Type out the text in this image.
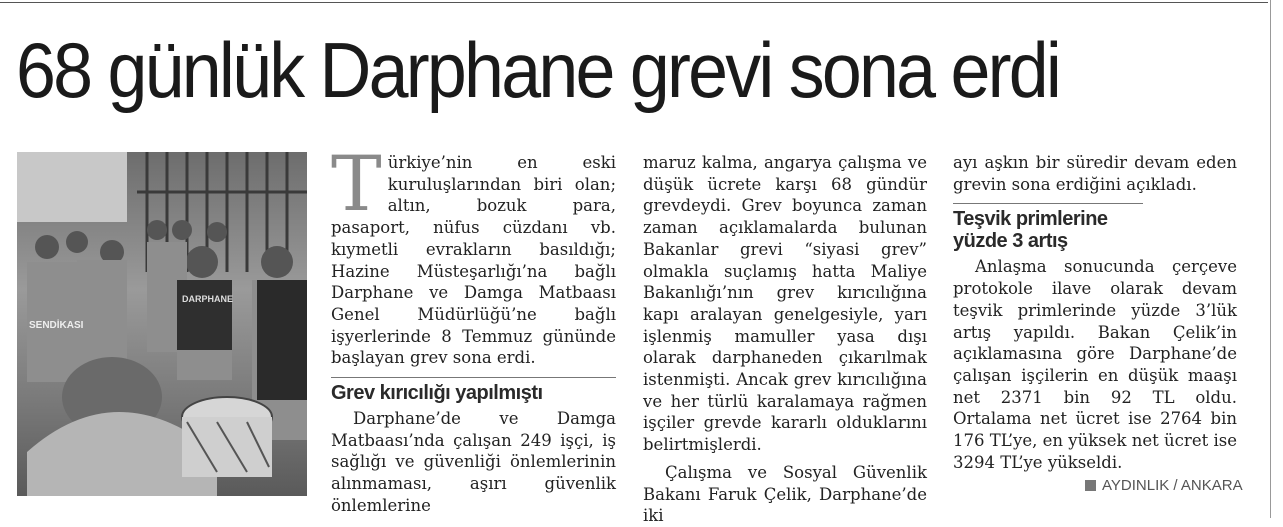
68 günlük Darphane grevi sona erdi
SENDİKASI
DARPHANE

Türkiye’nin en eski kuruluşlarından biri olan; altın, bozuk para, pasaport, nüfus cüzdanı vb. kıymetli evrakların basıldığı; Hazine Müsteşarlığı’na bağlı Darphane ve Damga Matbaası Genel Müdürlüğü’ne bağlı işyerlerinde 8 Temmuz gününde başlayan grev sona erdi.

Grev kırıcılığı yapılmıştı

Darphane’de ve Damga Matbaası’nda çalışan 249 işçi, iş sağlığı ve güvenliği önlemlerinin alınmaması, aşırı güvenlik önlemlerine

maruz kalma, angarya çalışma ve düşük ücrete karşı 68 gündür grevdeydi. Grev boyunca zaman zaman açıklamalarda bulunan Bakanlar grevi “siyasi grev” olmakla suçlamış hatta Maliye Bakanlığı’nın grev kırıcılığına kapı aralayan genelgesiyle, yarı işlenmiş mamuller yasa dışı olarak darphaneden çıkarılmak istenmişti. Ancak grev kırıcılığına ve her türlü karalamaya rağmen işçiler grevde kararlı olduklarını belirtmişlerdi.

Çalışma ve Sosyal Güvenlik Bakanı Faruk Çelik, Darphane’de iki

ayı aşkın bir süredir devam eden grevin sona erdiğini açıkladı.

Teşvik primlerine yüzde 3 artış

Anlaşma sonucunda çerçeve protokole ilave olarak devam teşvik primlerinde yüzde 3’lük artış yapıldı. Bakan Çelik’in açıklamasına göre Darphane’de çalışan işçilerin en düşük maaşı net 2371 bin 92 TL oldu. Ortalama net ücret ise 2764 bin 176 TL’ye, en yüksek net ücret ise 3294 TL’ye yükseldi.

AYDINLIK / ANKARA
